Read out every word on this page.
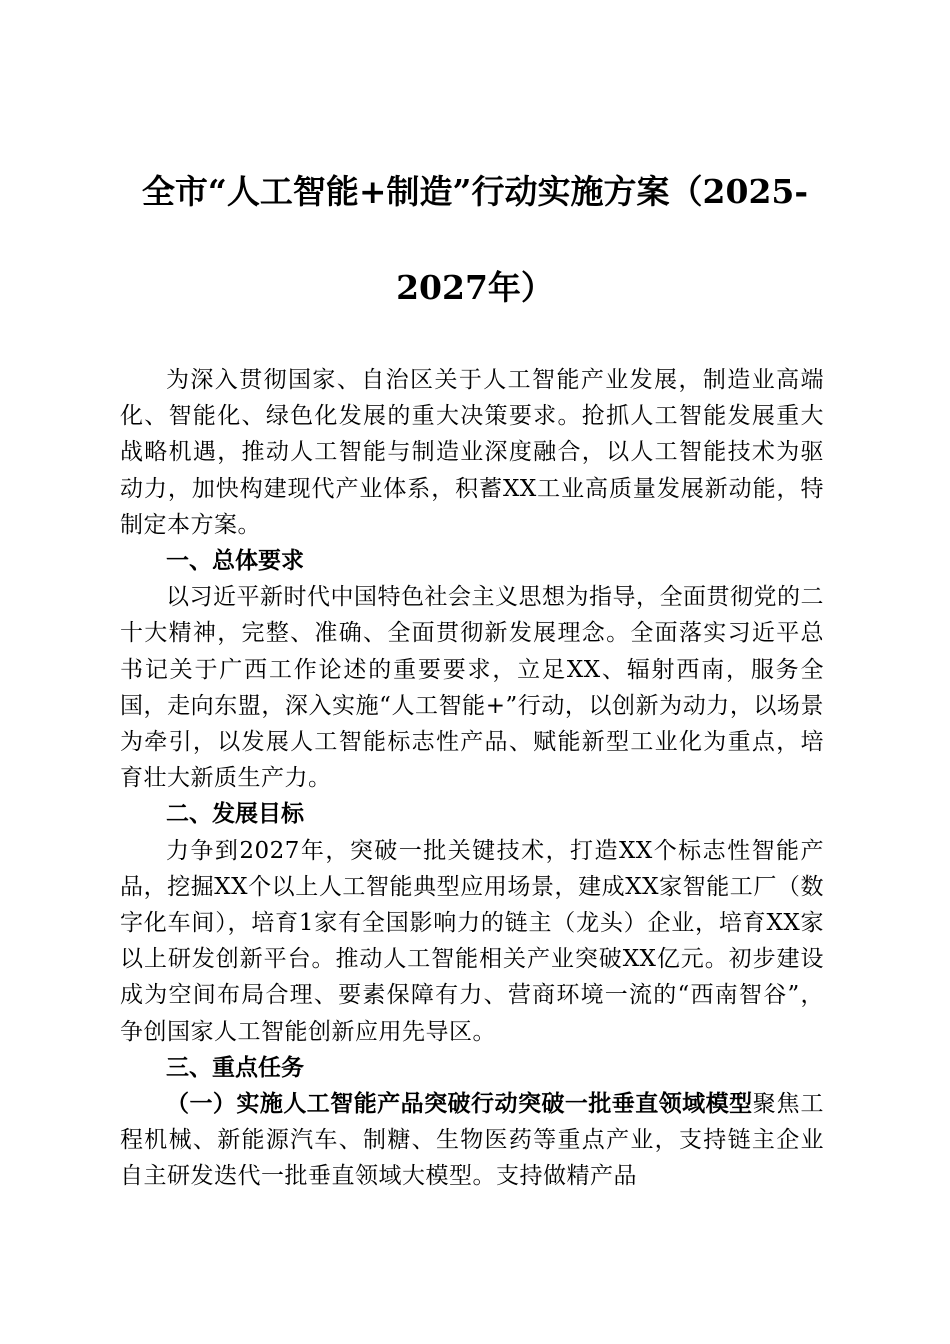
全市“人工智能+制造”行动实施方案（2025-
2027年）

为深入贯彻国家、自治区关于人工智能产业发展，制造业高端化、智能化、绿色化发展的重大决策要求。抢抓人工智能发展重大战略机遇，推动人工智能与制造业深度融合，以人工智能技术为驱动力，加快构建现代产业体系，积蓄XX工业高质量发展新动能，特制定本方案。

一、总体要求

以习近平新时代中国特色社会主义思想为指导，全面贯彻党的二十大精神，完整、准确、全面贯彻新发展理念。全面落实习近平总书记关于广西工作论述的重要要求，立足XX、辐射西南，服务全国，走向东盟，深入实施“人工智能+”行动，以创新为动力，以场景为牵引，以发展人工智能标志性产品、赋能新型工业化为重点，培育壮大新质生产力。

二、发展目标

力争到2027年，突破一批关键技术，打造XX个标志性智能产品，挖掘XX个以上人工智能典型应用场景，建成XX家智能工厂（数字化车间），培育1家有全国影响力的链主（龙头）企业，培育XX家以上研发创新平台。推动人工智能相关产业突破XX亿元。初步建设成为空间布局合理、要素保障有力、营商环境一流的“西南智谷”，争创国家人工智能创新应用先导区。

三、重点任务

（一）实施人工智能产品突破行动突破一批垂直领域模型聚焦工程机械、新能源汽车、制糖、生物医药等重点产业，支持链主企业自主研发迭代一批垂直领域大模型。支持做精产品
